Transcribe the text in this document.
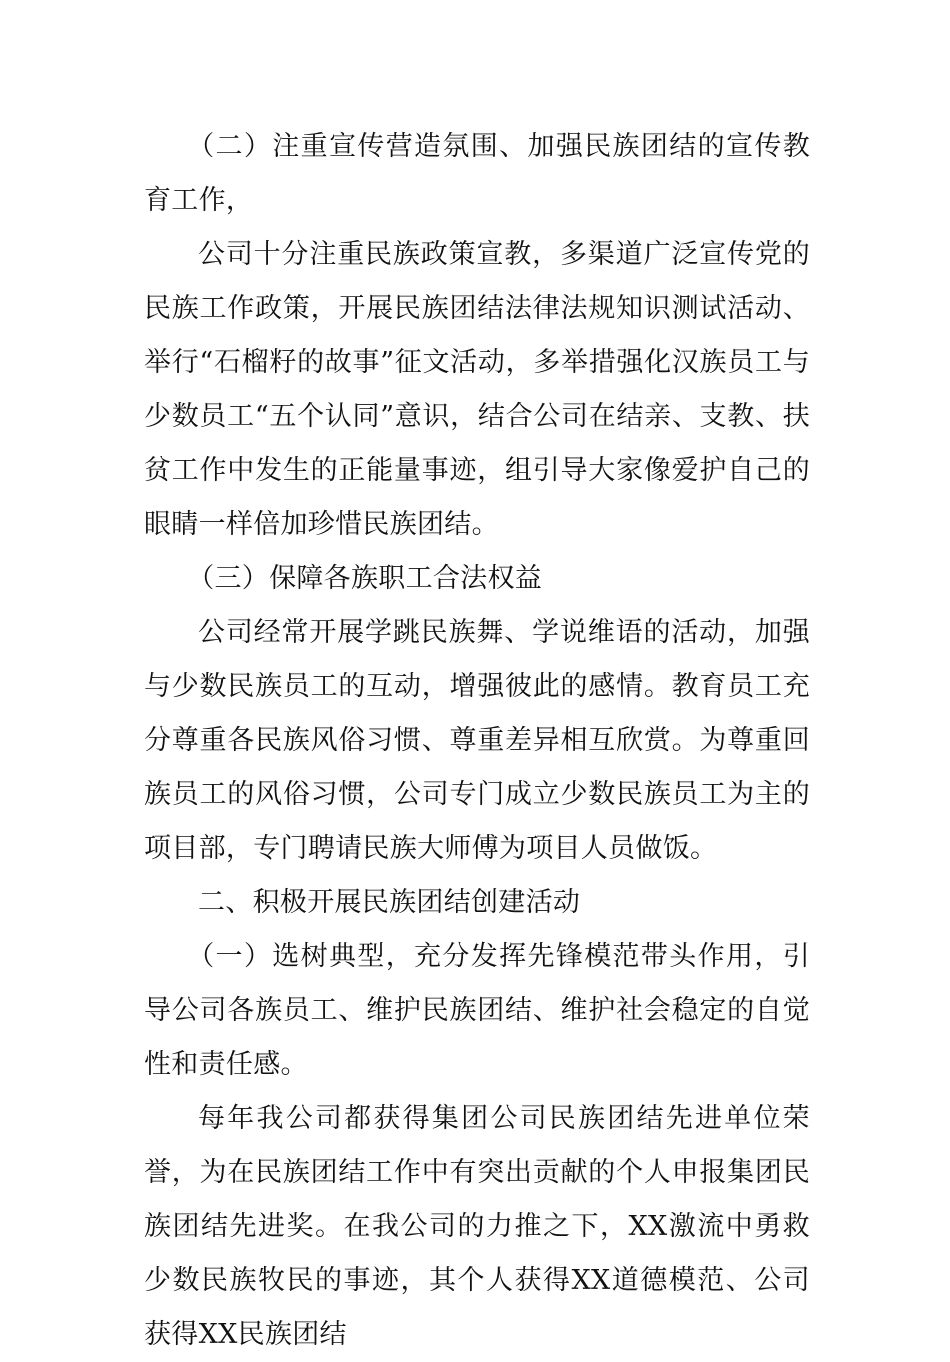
（二）注重宣传营造氛围、加强民族团结的宣传教育工作，

公司十分注重民族政策宣教，多渠道广泛宣传党的民族工作政策，开展民族团结法律法规知识测试活动、举行“石榴籽的故事”征文活动，多举措强化汉族员工与少数员工“五个认同”意识，结合公司在结亲、支教、扶贫工作中发生的正能量事迹，组引导大家像爱护自己的眼睛一样倍加珍惜民族团结。

（三）保障各族职工合法权益

公司经常开展学跳民族舞、学说维语的活动，加强与少数民族员工的互动，增强彼此的感情。教育员工充分尊重各民族风俗习惯、尊重差异相互欣赏。为尊重回族员工的风俗习惯，公司专门成立少数民族员工为主的项目部，专门聘请民族大师傅为项目人员做饭。

二、积极开展民族团结创建活动

（一）选树典型，充分发挥先锋模范带头作用，引导公司各族员工、维护民族团结、维护社会稳定的自觉性和责任感。

每年我公司都获得集团公司民族团结先进单位荣誉，为在民族团结工作中有突出贡献的个人申报集团民族团结先进奖。在我公司的力推之下，XX激流中勇救少数民族牧民的事迹，其个人获得XX道德模范、公司获得XX民族团结
